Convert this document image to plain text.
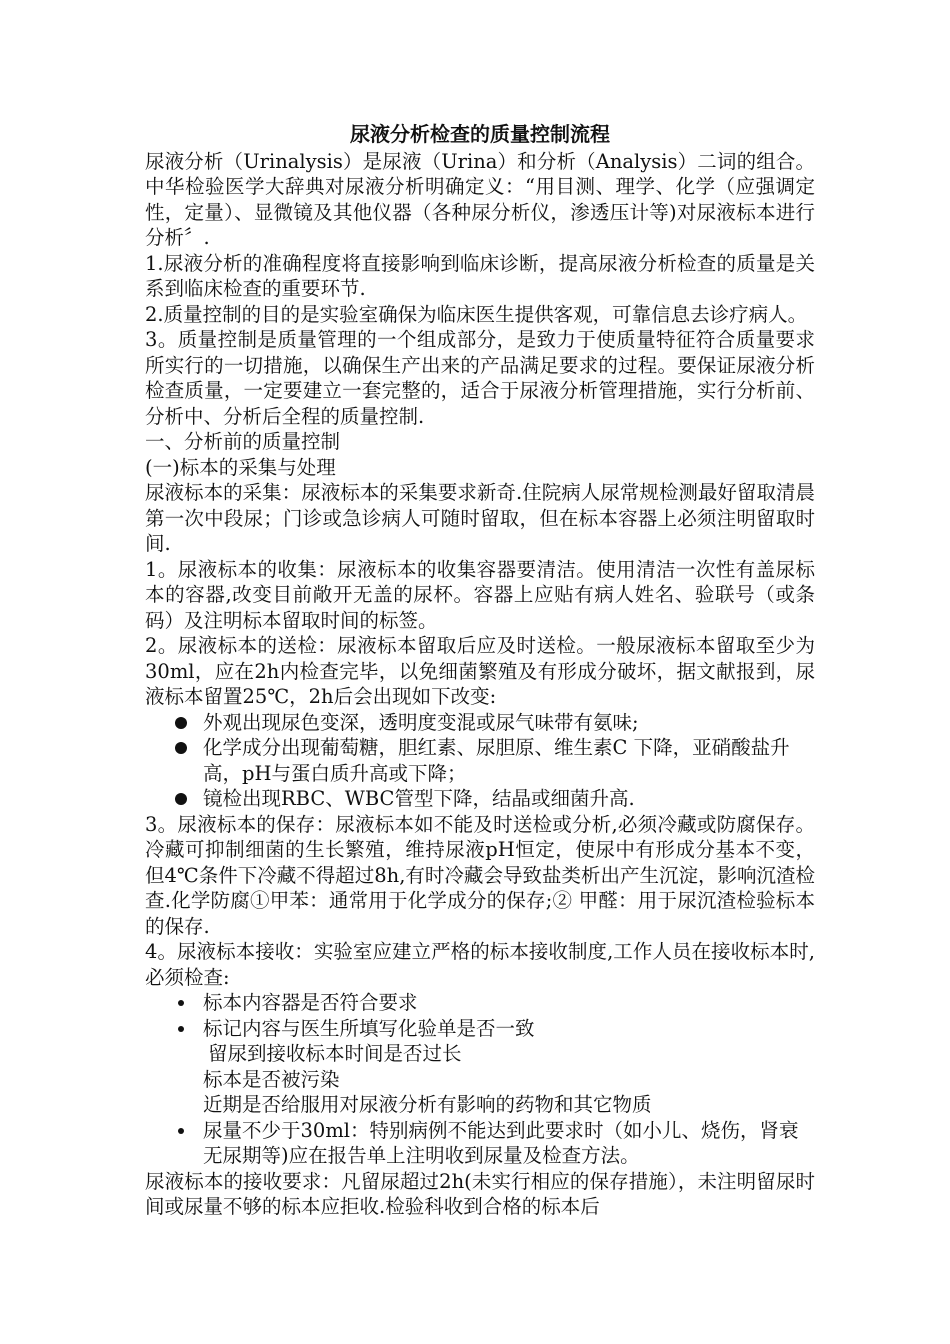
尿液分析检查的质量控制流程

尿液分析（Urinalysis）是尿液（Urina）和分析（Analysis）二词的组合。中华检验医学大辞典对尿液分析明确定义：“用目测、理学、化学（应强调定性，定量）、显微镜及其他仪器（各种尿分析仪，渗透压计等)对尿液标本进行分析〞.

1.尿液分析的准确程度将直接影响到临床诊断，提高尿液分析检查的质量是关系到临床检查的重要环节.

2.质量控制的目的是实验室确保为临床医生提供客观，可靠信息去诊疗病人。

3。质量控制是质量管理的一个组成部分，是致力于使质量特征符合质量要求所实行的一切措施，以确保生产出来的产品满足要求的过程。要保证尿液分析检查质量，一定要建立一套完整的，适合于尿液分析管理措施，实行分析前、分析中、分析后全程的质量控制.

一、分析前的质量控制

(一)标本的采集与处理

尿液标本的采集：尿液标本的采集要求新奇.住院病人尿常规检测最好留取清晨第一次中段尿；门诊或急诊病人可随时留取，但在标本容器上必须注明留取时间.

1。尿液标本的收集：尿液标本的收集容器要清洁。使用清洁一次性有盖尿标本的容器,改变目前敞开无盖的尿杯。容器上应贴有病人姓名、验联号（或条码）及注明标本留取时间的标签。

2。尿液标本的送检：尿液标本留取后应及时送检。一般尿液标本留取至少为30ml，应在2h内检查完毕，以免细菌繁殖及有形成分破坏，据文献报到，尿液标本留置25℃，2h后会出现如下改变:

外观出现尿色变深，透明度变混或尿气味带有氨味;
化学成分出现葡萄糖，胆红素、尿胆原、维生素C 下降，亚硝酸盐升高，pH与蛋白质升高或下降；
镜检出现RBC、WBC管型下降，结晶或细菌升高.

3。尿液标本的保存：尿液标本如不能及时送检或分析,必须冷藏或防腐保存。冷藏可抑制细菌的生长繁殖，维持尿液pH恒定，使尿中有形成分基本不变，但4℃条件下冷藏不得超过8h,有时冷藏会导致盐类析出产生沉淀，影响沉渣检查.化学防腐①甲苯：通常用于化学成分的保存;② 甲醛：用于尿沉渣检验标本的保存.

4。尿液标本接收：实验室应建立严格的标本接收制度,工作人员在接收标本时,必须检查:

标本内容器是否符合要求
标记内容与医生所填写化验单是否一致
留尿到接收标本时间是否过长
标本是否被污染
近期是否给服用对尿液分析有影响的药物和其它物质
尿量不少于30ml：特别病例不能达到此要求时（如小儿、烧伤，肾衰无尿期等)应在报告单上注明收到尿量及检查方法。

尿液标本的接收要求：凡留尿超过2h(未实行相应的保存措施），未注明留尿时间或尿量不够的标本应拒收.检验科收到合格的标本后
